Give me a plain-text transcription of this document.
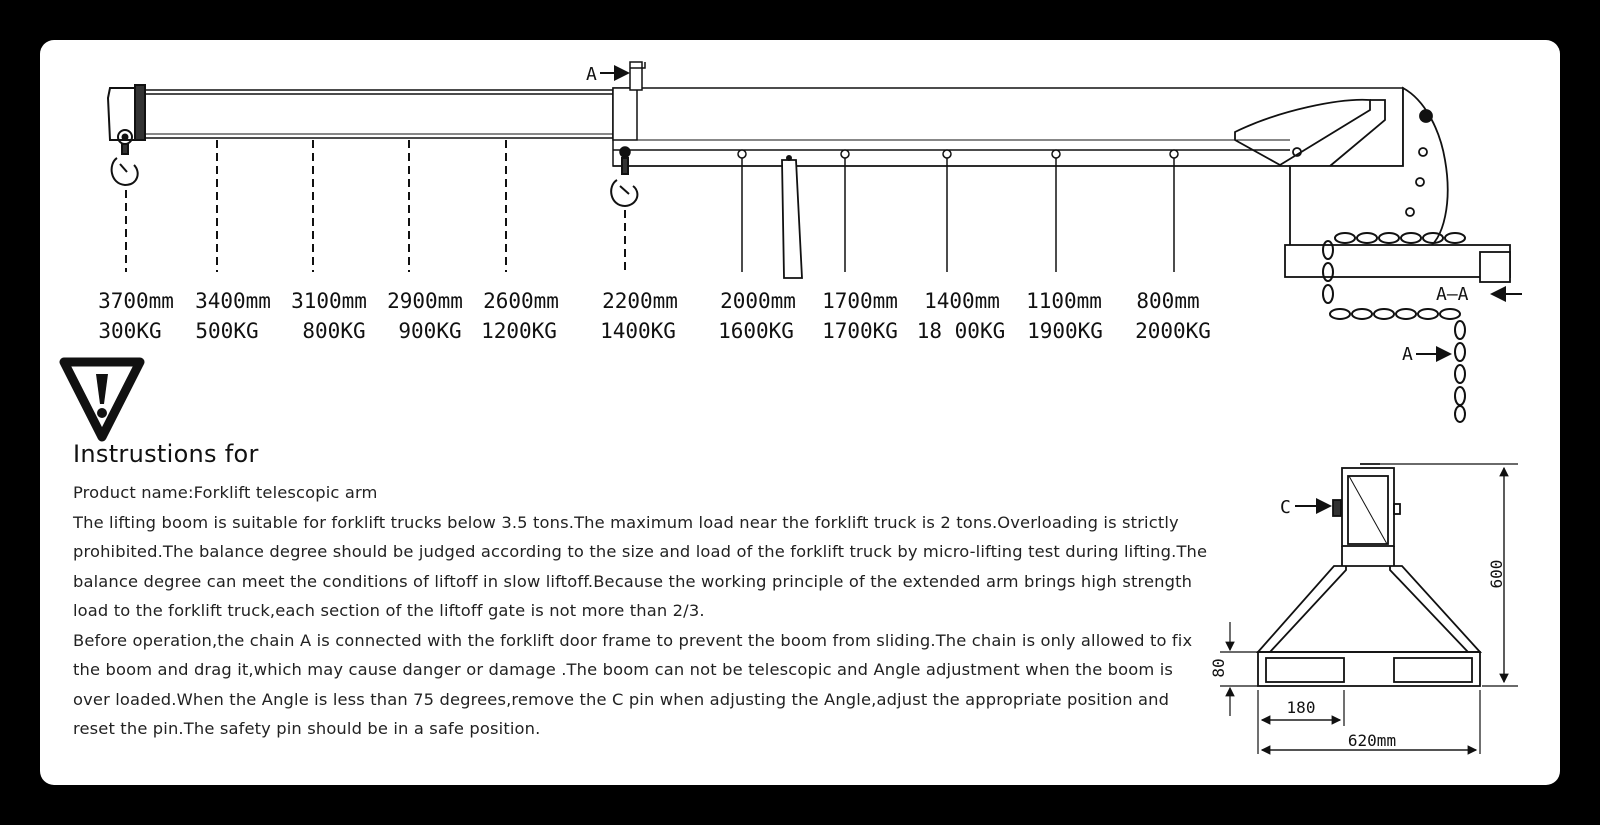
3700mm
300KG
3400mm
500KG
3100mm
800KG
2900mm
900KG
2600mm
1200KG
2200mm
1400KG
2000mm
1600KG
1700mm
1700KG
1400mm
18 00KG
1100mm
1900KG
800mm
2000KG
A
A—A
A
C
600
80
180
620mm
Instrustions for

Product name:Forklift telescopic arm

The lifting boom is suitable for forklift trucks below 3.5 tons.The maximum load near the forklift truck is 2 tons.Overloading is strictly prohibited.The balance degree should be judged according to the size and load of the forklift truck by micro-lifting test during lifting.The balance degree can meet the conditions of liftoff in slow liftoff.Because the working principle of the extended arm brings high strength load to the forklift truck,each section of the liftoff gate is not more than 2/3.

Before operation,the chain A is connected with the forklift door frame to prevent the boom from sliding.The chain is only allowed to fix the boom and drag it,which may cause danger or damage .The boom can not be telescopic and Angle adjustment when the boom is over loaded.When the Angle is less than 75 degrees,remove the C pin when adjusting the Angle,adjust the appropriate position and reset the pin.The safety pin should be in a safe position.
